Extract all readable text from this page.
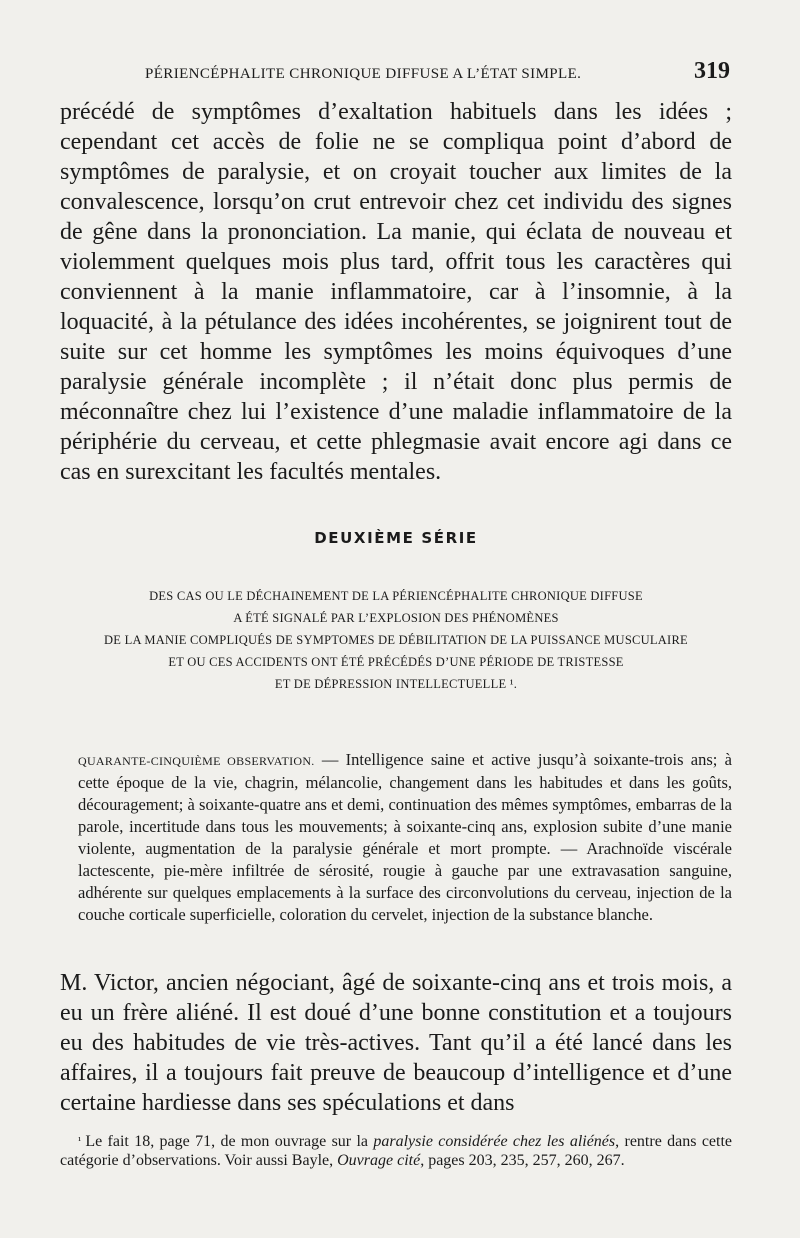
PÉRIENCÉPHALITE CHRONIQUE DIFFUSE A L’ÉTAT SIMPLE.	319

précédé de symptômes d’exaltation habituels dans les idées ; cependant cet accès de folie ne se compliqua point d’abord de symptômes de paralysie, et on croyait toucher aux limites de la convalescence, lorsqu’on crut entrevoir chez cet individu des signes de gêne dans la prononciation. La manie, qui éclata de nouveau et violemment quelques mois plus tard, offrit tous les caractères qui conviennent à la manie inflammatoire, car à l’insomnie, à la loquacité, à la pétulance des idées incohérentes, se joignirent tout de suite sur cet homme les symptômes les moins équivoques d’une paralysie générale incomplète ; il n’était donc plus permis de méconnaître chez lui l’existence d’une maladie inflammatoire de la périphérie du cerveau, et cette phlegmasie avait encore agi dans ce cas en surexcitant les facultés mentales.

DEUXIÈME SÉRIE

DES CAS OU LE DÉCHAINEMENT DE LA PÉRIENCÉPHALITE CHRONIQUE DIFFUSE
A ÉTÉ SIGNALÉ PAR L’EXPLOSION DES PHÉNOMÈNES
DE LA MANIE COMPLIQUÉS DE SYMPTOMES DE DÉBILITATION DE LA PUISSANCE MUSCULAIRE
ET OU CES ACCIDENTS ONT ÉTÉ PRÉCÉDÉS D’UNE PÉRIODE DE TRISTESSE
ET DE DÉPRESSION INTELLECTUELLE ¹.

QUARANTE-CINQUIÈME OBSERVATION. — Intelligence saine et active jusqu’à soixante-trois ans; à cette époque de la vie, chagrin, mélancolie, changement dans les habitudes et dans les goûts, découragement; à soixante-quatre ans et demi, continuation des mêmes symptômes, embarras de la parole, incertitude dans tous les mouvements; à soixante-cinq ans, explosion subite d’une manie violente, augmentation de la paralysie générale et mort prompte. — Arachnoïde viscérale lactescente, pie-mère infiltrée de sérosité, rougie à gauche par une extravasation sanguine, adhérente sur quelques emplacements à la surface des circonvolutions du cerveau, injection de la couche corticale superficielle, coloration du cervelet, injection de la substance blanche.

M. Victor, ancien négociant, âgé de soixante-cinq ans et trois mois, a eu un frère aliéné. Il est doué d’une bonne constitution et a toujours eu des habitudes de vie très-actives. Tant qu’il a été lancé dans les affaires, il a toujours fait preuve de beaucoup d’intelligence et d’une certaine hardiesse dans ses spéculations et dans

$^{^1}$ Le fait 18, page 71, de mon ouvrage sur la paralysie considérée chez les aliénés, rentre dans cette catégorie d’observations. Voir aussi Bayle, Ouvrage cité, pages 203, 235, 257, 260, 267.
